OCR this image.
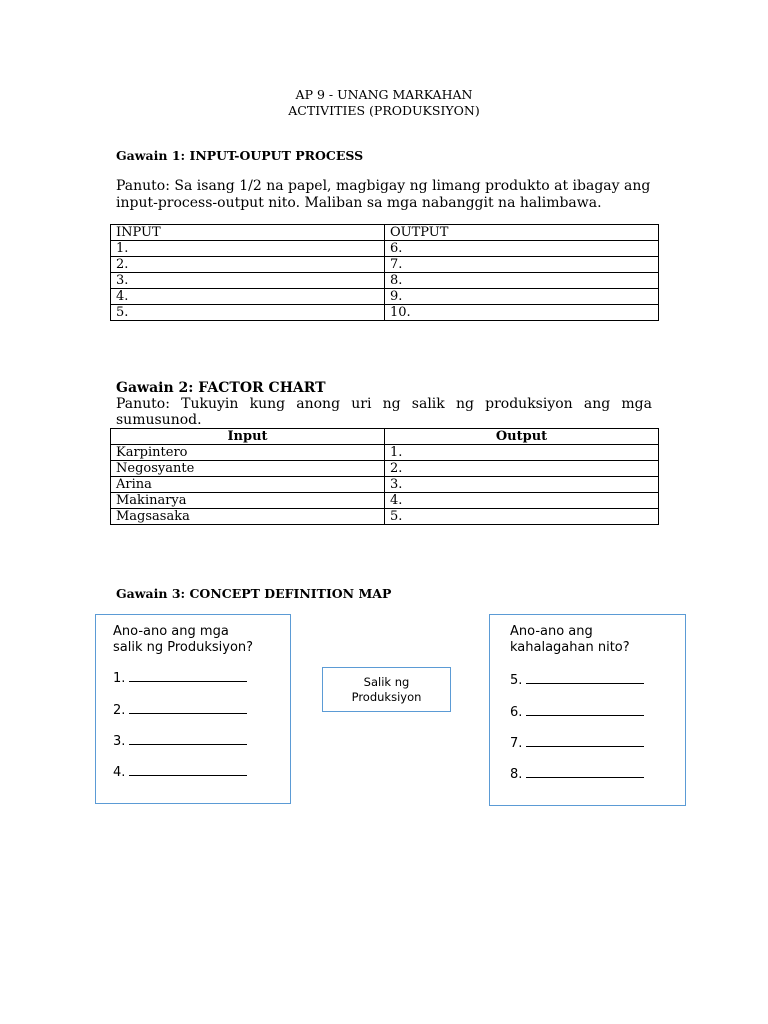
AP 9 - UNANG MARKAHAN
ACTIVITIES (PRODUKSIYON)
Gawain 1: INPUT-OUPUT PROCESS
Panuto: Sa isang 1/2 na papel, magbigay ng limang produkto at ibagay ang
input-process-output nito. Maliban sa mga nabanggit na halimbawa.
INPUT	OUTPUT
1.	6.
2.	7.
3.	8.
4.	9.
5.	10.
Gawain 2: FACTOR CHART
Panuto: Tukuyin kung anong uri ng salik ng produksiyon ang mga sumusunod.
Input	Output
Karpintero	1.
Negosyante	2.
Arina	3.
Makinarya	4.
Magsasaka	5.
Gawain 3: CONCEPT DEFINITION MAP
Ano-ano ang mga
salik ng Produksiyon?
1.
2.
3.
4.
Salik ng
Produksiyon
Ano-ano ang
kahalagahan nito?
5.
6.
7.
8.
